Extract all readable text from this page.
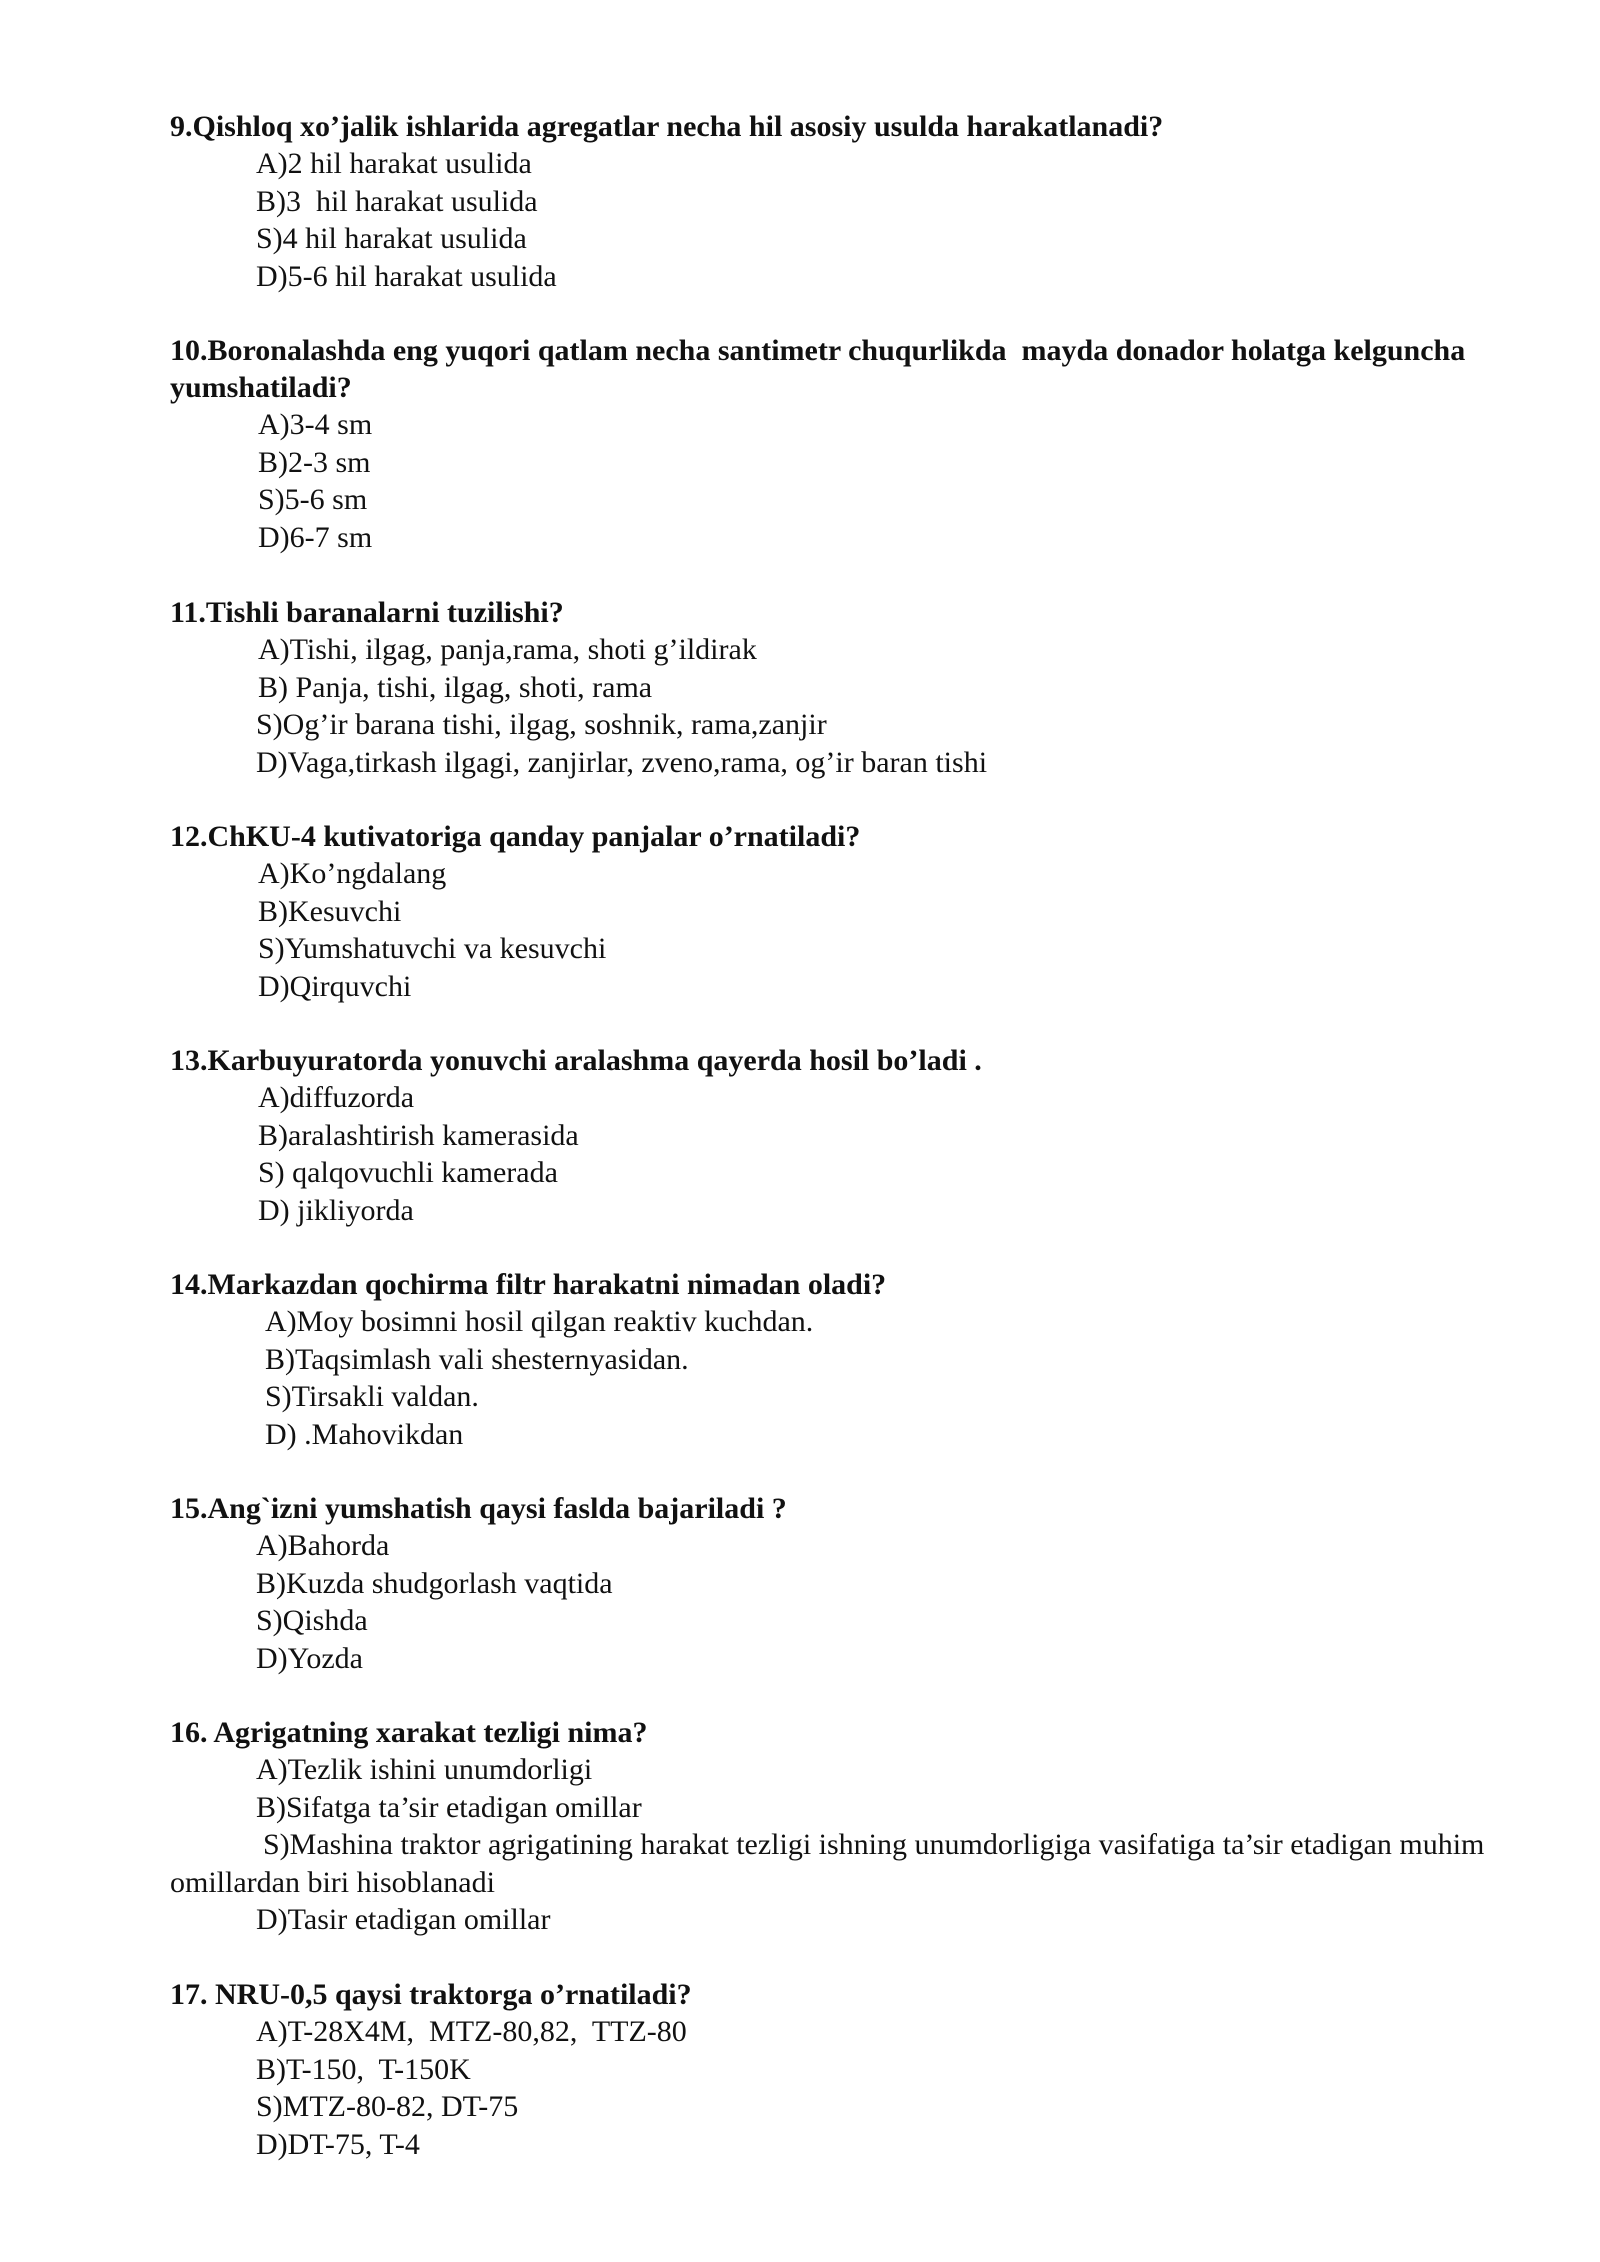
9.Qishloq xo’jalik ishlarida agregatlar necha hil asosiy usulda harakatlanadi?

A)2 hil harakat usulida

B)3  hil harakat usulida

S)4 hil harakat usulida

D)5-6 hil harakat usulida

10.Boronalashda eng yuqori qatlam necha santimetr chuqurlikda  mayda donador holatga kelguncha yumshatiladi?

A)3-4 sm

B)2-3 sm

S)5-6 sm

D)6-7 sm

11.Tishli baranalarni tuzilishi?

A)Tishi, ilgag, panja,rama, shoti g’ildirak

B) Panja, tishi, ilgag, shoti, rama

S)Og’ir barana tishi, ilgag, soshnik, rama,zanjir

D)Vaga,tirkash ilgagi, zanjirlar, zveno,rama, og’ir baran tishi

12.ChKU-4 kutivatoriga qanday panjalar o’rnatiladi?

A)Ko’ngdalang

B)Kesuvchi

S)Yumshatuvchi va kesuvchi

D)Qirquvchi

13.Karbuyuratorda yonuvchi aralashma qayerda hosil bo’ladi .

A)diffuzorda

B)aralashtirish kamerasida

S) qalqovuchli kamerada

D) jikliyorda

14.Markazdan qochirma filtr harakatni nimadan oladi?

A)Moy bosimni hosil qilgan reaktiv kuchdan.

B)Taqsimlash vali shesternyasidan.

S)Tirsakli valdan.

D) .Mahovikdan

15.Ang`izni yumshatish qaysi faslda bajariladi ?

A)Bahorda

B)Kuzda shudgorlash vaqtida

S)Qishda

D)Yozda

16. Agrigatning xarakat tezligi nima?

A)Tezlik ishini unumdorligi

B)Sifatga ta’sir etadigan omillar

S)Mashina traktor agrigatining harakat tezligi ishning unumdorligiga vasifatiga ta’sir etadigan muhim omillardan biri hisoblanadi

D)Tasir etadigan omillar

17. NRU-0,5 qaysi traktorga o’rnatiladi?

A)T-28X4M,  MTZ-80,82,  TTZ-80

B)T-150,  T-150K

S)MTZ-80-82, DT-75

D)DT-75, T-4
